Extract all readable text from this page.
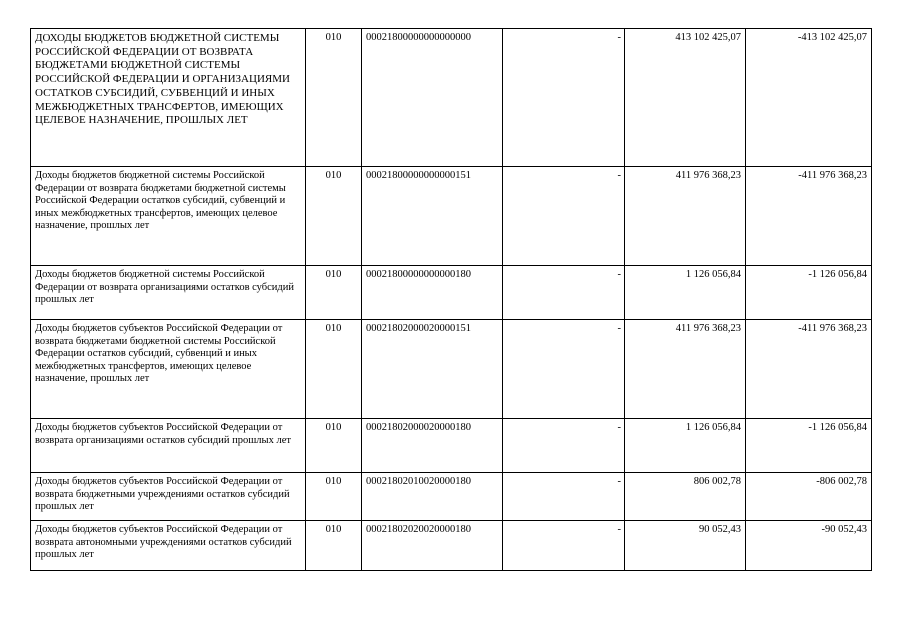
ДОХОДЫ БЮДЖЕТОВ БЮДЖЕТНОЙ СИСТЕМЫ РОССИЙСКОЙ ФЕДЕРАЦИИ ОТ ВОЗВРАТА БЮДЖЕТАМИ БЮДЖЕТНОЙ СИСТЕМЫ РОССИЙСКОЙ ФЕДЕРАЦИИ И ОРГАНИЗАЦИЯМИ ОСТАТКОВ СУБСИДИЙ, СУБВЕНЦИЙ И ИНЫХ МЕЖБЮДЖЕТНЫХ ТРАНСФЕРТОВ, ИМЕЮЩИХ ЦЕЛЕВОЕ НАЗНАЧЕНИЕ, ПРОШЛЫХ ЛЕТ	010	00021800000000000000	-	413 102 425,07	-413 102 425,07
Доходы бюджетов бюджетной системы Российской Федерации от возврата бюджетами бюджетной системы Российской Федерации остатков субсидий, субвенций и иных межбюджетных трансфертов, имеющих целевое назначение, прошлых лет	010	00021800000000000151	-	411 976 368,23	-411 976 368,23
Доходы бюджетов бюджетной системы Российской Федерации от возврата организациями остатков субсидий прошлых лет	010	00021800000000000180	-	1 126 056,84	-1 126 056,84
Доходы бюджетов субъектов Российской Федерации от возврата бюджетами бюджетной системы Российской Федерации остатков субсидий, субвенций и иных межбюджетных трансфертов, имеющих целевое назначение, прошлых лет	010	00021802000020000151	-	411 976 368,23	-411 976 368,23
Доходы бюджетов субъектов Российской Федерации от возврата организациями остатков субсидий прошлых лет	010	00021802000020000180	-	1 126 056,84	-1 126 056,84
Доходы бюджетов субъектов Российской Федерации от возврата бюджетными учреждениями остатков субсидий прошлых лет	010	00021802010020000180	-	806 002,78	-806 002,78
Доходы бюджетов субъектов Российской Федерации от возврата автономными учреждениями остатков субсидий прошлых лет	010	00021802020020000180	-	90 052,43	-90 052,43
